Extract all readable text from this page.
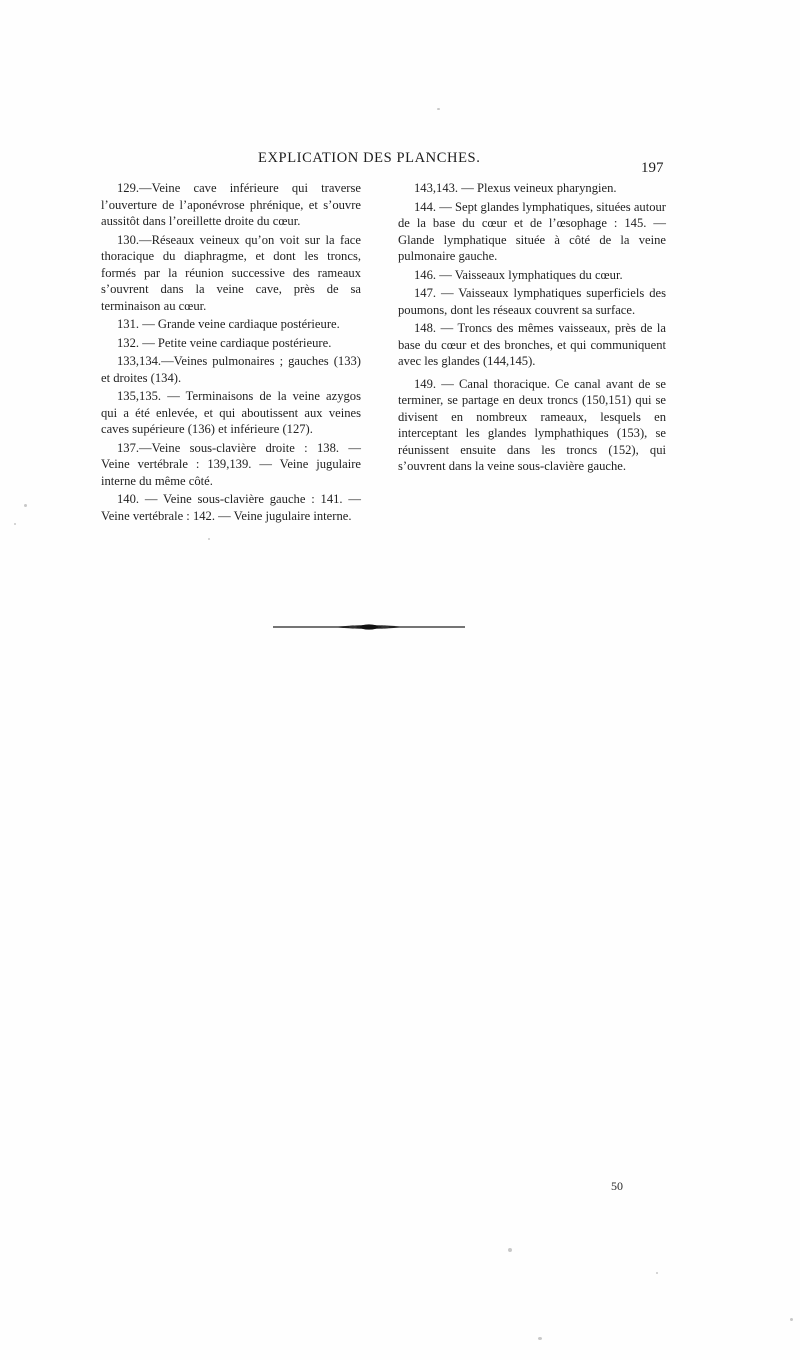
EXPLICATION DES PLANCHES.
197

129.—Veine cave inférieure qui traverse l’ouverture de l’aponévrose phrénique, et s’ouvre aussitôt dans l’oreillette droite du cœur.

130.—Réseaux veineux qu’on voit sur la face thoracique du diaphragme, et dont les troncs, formés par la réunion successive des rameaux s’ouvrent dans la veine cave, près de sa terminaison au cœur.

131. — Grande veine cardiaque postérieure.

132. — Petite veine cardiaque postérieure.

133,134.—Veines pulmonaires ; gauches (133) et droites (134).

135,135. — Terminaisons de la veine azygos qui a été enlevée, et qui aboutissent aux veines caves supérieure (136) et inférieure (127).

137.—Veine sous-clavière droite : 138. — Veine vertébrale : 139,139. — Veine jugulaire interne du même côté.

140. — Veine sous-clavière gauche : 141. — Veine vertébrale : 142. — Veine jugulaire interne.

143,143. — Plexus veineux pharyngien.

144. — Sept glandes lymphatiques, situées autour de la base du cœur et de l’œsophage : 145. — Glande lymphatique située à côté de la veine pulmonaire gauche.

146. — Vaisseaux lymphatiques du cœur.

147. — Vaisseaux lymphatiques superficiels des poumons, dont les réseaux couvrent sa surface.

148. — Troncs des mêmes vaisseaux, près de la base du cœur et des bronches, et qui communiquent avec les glandes (144,145).

149. — Canal thoracique. Ce canal avant de se terminer, se partage en deux troncs (150,151) qui se divisent en nombreux rameaux, lesquels en interceptant les glandes lymphathiques (153), se réunissent ensuite dans les troncs (152), qui s’ouvrent dans la veine sous-clavière gauche.

50
